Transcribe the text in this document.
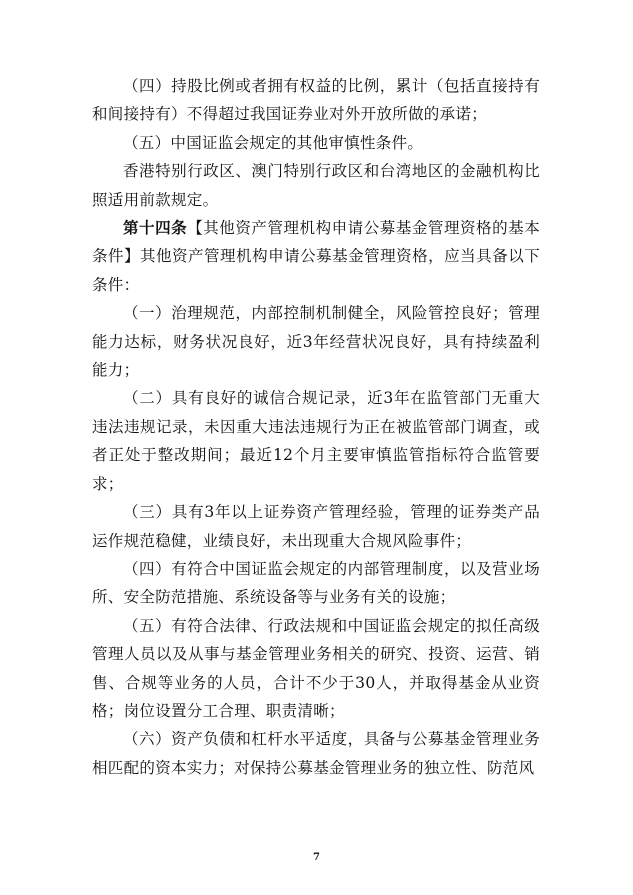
（四）持股比例或者拥有权益的比例，累计（包括直接持有和间接持有）不得超过我国证券业对外开放所做的承诺；

（五）中国证监会规定的其他审慎性条件。

香港特别行政区、澳门特别行政区和台湾地区的金融机构比照适用前款规定。

第十四条【其他资产管理机构申请公募基金管理资格的基本条件】其他资产管理机构申请公募基金管理资格，应当具备以下条件：

（一）治理规范，内部控制机制健全，风险管控良好；管理能力达标，财务状况良好，近3年经营状况良好，具有持续盈利能力；

（二）具有良好的诚信合规记录，近3年在监管部门无重大违法违规记录，未因重大违法违规行为正在被监管部门调查，或者正处于整改期间；最近12个月主要审慎监管指标符合监管要求；

（三）具有3年以上证券资产管理经验，管理的证券类产品运作规范稳健，业绩良好，未出现重大合规风险事件；

（四）有符合中国证监会规定的内部管理制度，以及营业场所、安全防范措施、系统设备等与业务有关的设施；

（五）有符合法律、行政法规和中国证监会规定的拟任高级管理人员以及从事与基金管理业务相关的研究、投资、运营、销售、合规等业务的人员，合计不少于30人，并取得基金从业资格；岗位设置分工合理、职责清晰；

（六）资产负债和杠杆水平适度，具备与公募基金管理业务相匹配的资本实力；对保持公募基金管理业务的独立性、防范风

7
